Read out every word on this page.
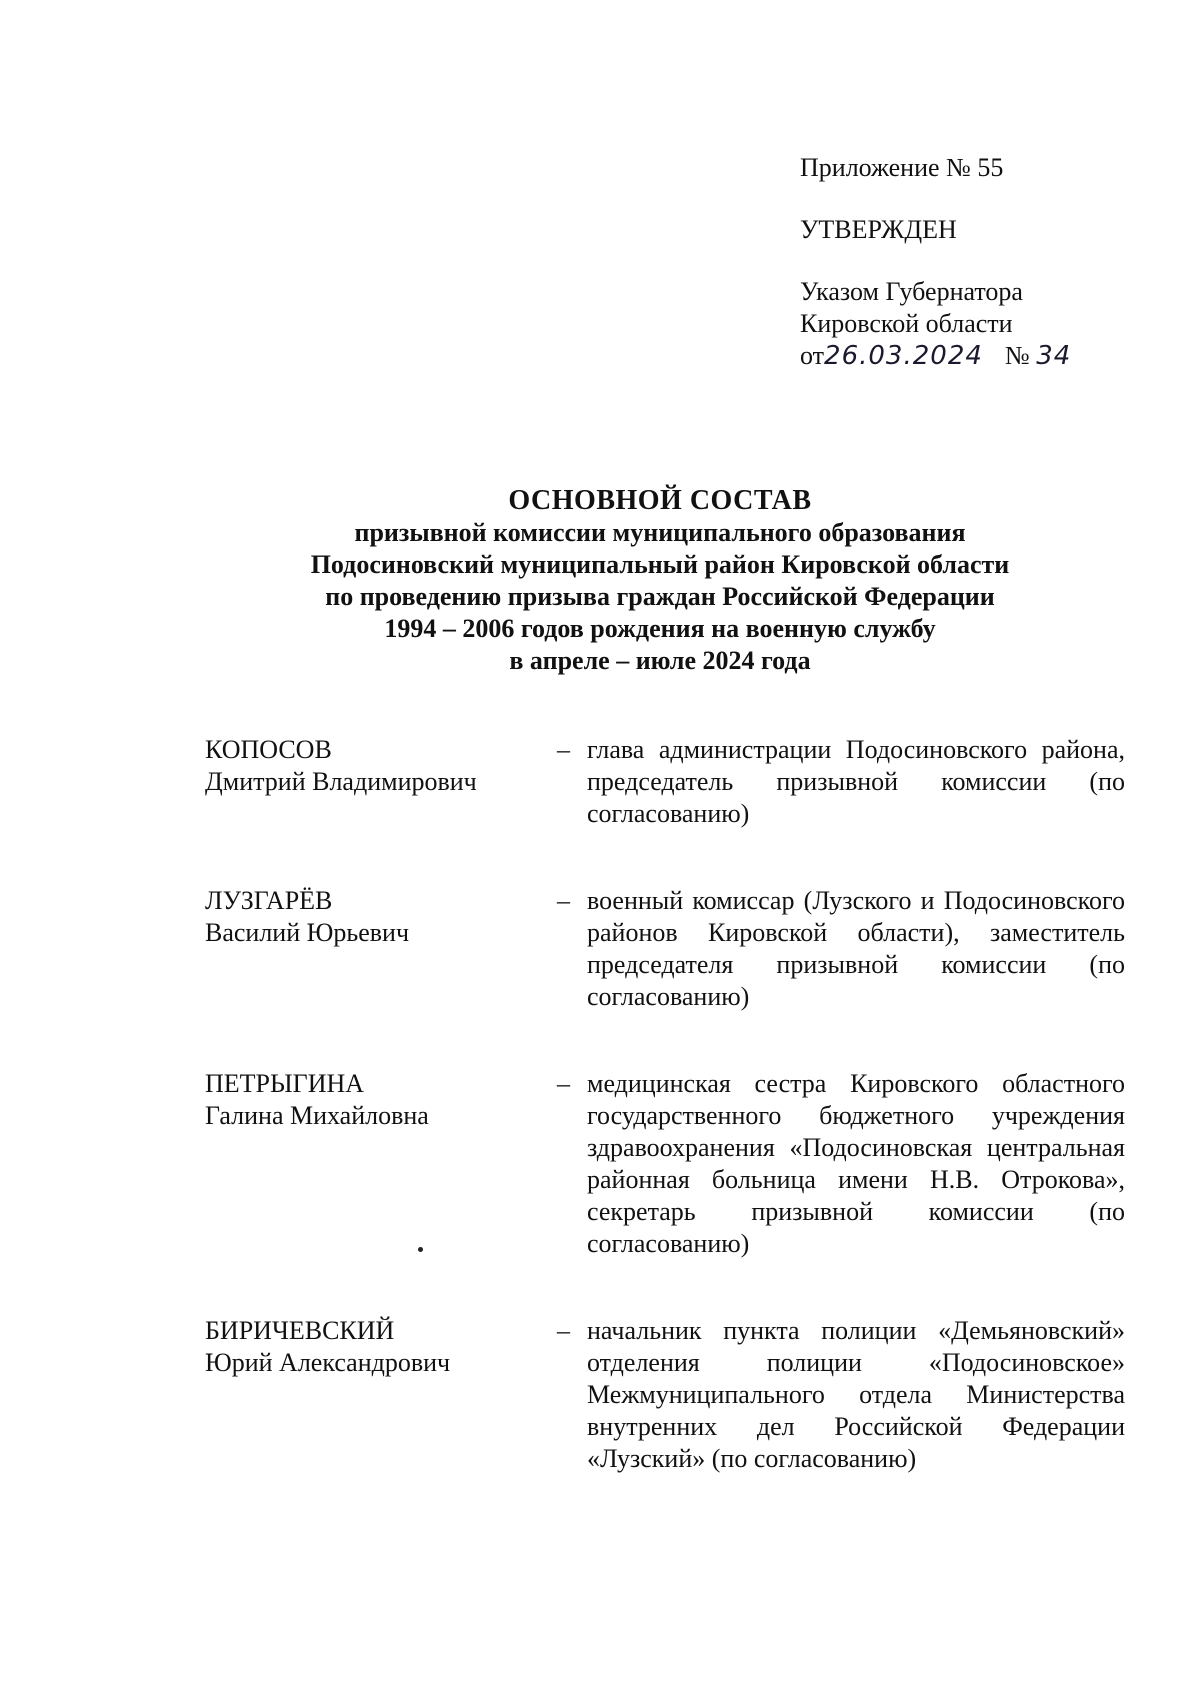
Приложение № 55
УТВЕРЖДЕН
Указом Губернатора
Кировской области
от26.03.2024 № 34
ОСНОВНОЙ СОСТАВ
призывной комиссии муниципального образования
Подосиновский муниципальный район Кировской области
по проведению призыва граждан Российской Федерации
1994 – 2006 годов рождения на военную службу
в апреле – июле 2024 года
КОПОСОВ
Дмитрий Владимирович
– глава администрации Подосиновского района, председатель призывной комиссии (по согласованию)
ЛУЗГАРЁВ
Василий Юрьевич
– военный комиссар (Лузского и Подосиновского районов Кировской области), заместитель председателя призывной комиссии (по согласованию)
ПЕТРЫГИНА
Галина Михайловна
– медицинская сестра Кировского областного государственного бюджетного учреждения здравоохранения «Подосиновская центральная районная больница имени Н.В. Отрокова», секретарь призывной комиссии (по согласованию)
БИРИЧЕВСКИЙ
Юрий Александрович
– начальник пункта полиции «Демьяновский» отделения полиции «Подосиновское» Межмуниципального отдела Министерства внутренних дел Российской Федерации «Лузский» (по согласованию)
